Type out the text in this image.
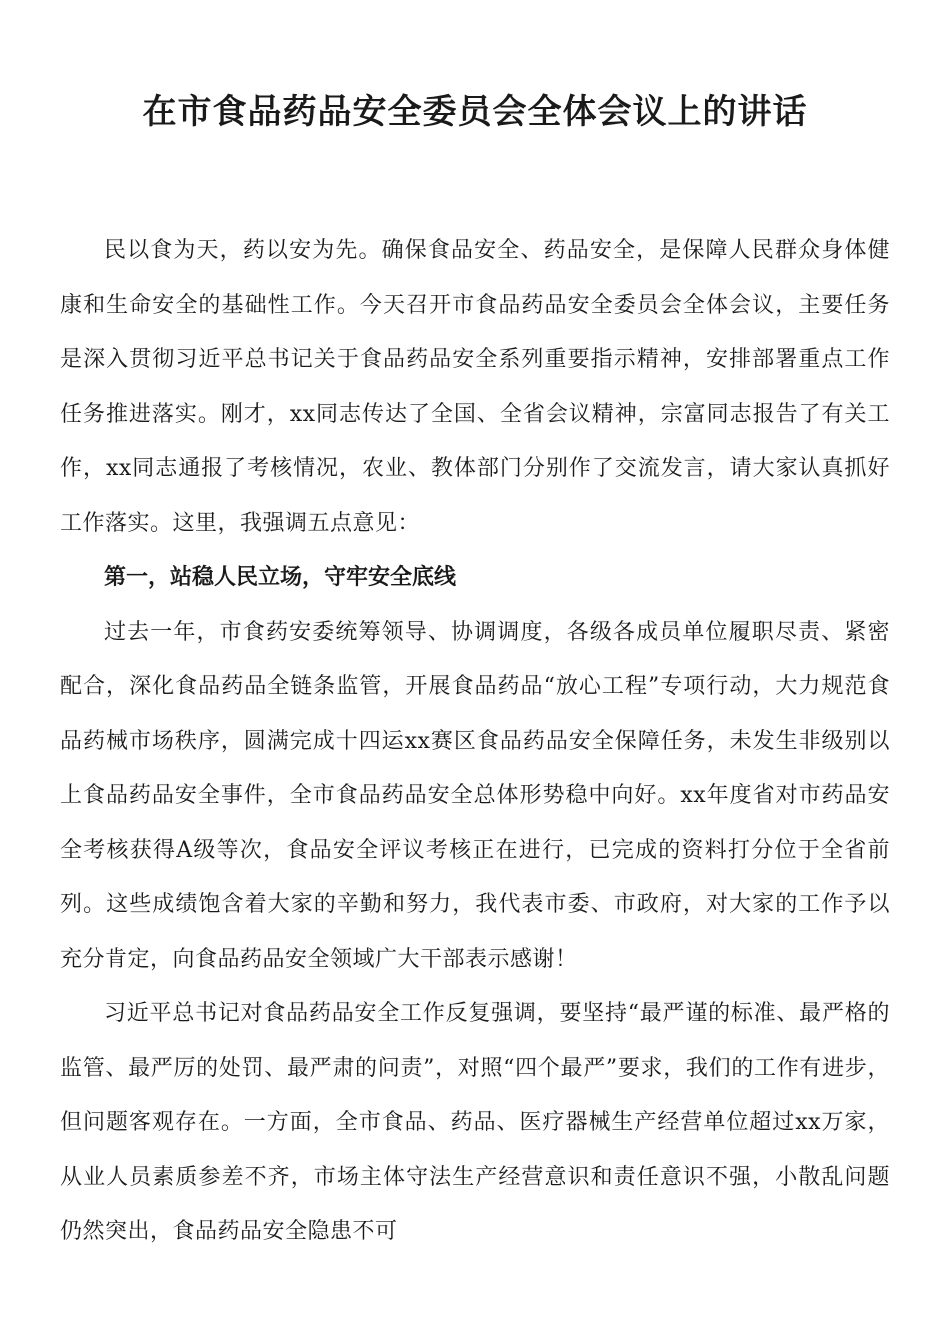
在市食品药品安全委员会全体会议上的讲话

民以食为天，药以安为先。确保食品安全、药品安全，是保障人民群众身体健康和生命安全的基础性工作。今天召开市食品药品安全委员会全体会议，主要任务是深入贯彻习近平总书记关于食品药品安全系列重要指示精神，安排部署重点工作任务推进落实。刚才，xx同志传达了全国、全省会议精神，宗富同志报告了有关工作，xx同志通报了考核情况，农业、教体部门分别作了交流发言，请大家认真抓好工作落实。这里，我强调五点意见：

第一，站稳人民立场，守牢安全底线

过去一年，市食药安委统筹领导、协调调度，各级各成员单位履职尽责、紧密配合，深化食品药品全链条监管，开展食品药品“放心工程”专项行动，大力规范食品药械市场秩序，圆满完成十四运xx赛区食品药品安全保障任务，未发生非级别以上食品药品安全事件，全市食品药品安全总体形势稳中向好。xx年度省对市药品安全考核获得A级等次，食品安全评议考核正在进行，已完成的资料打分位于全省前列。这些成绩饱含着大家的辛勤和努力，我代表市委、市政府，对大家的工作予以充分肯定，向食品药品安全领域广大干部表示感谢！

习近平总书记对食品药品安全工作反复强调，要坚持“最严谨的标准、最严格的监管、最严厉的处罚、最严肃的问责”，对照“四个最严”要求，我们的工作有进步，但问题客观存在。一方面，全市食品、药品、医疗器械生产经营单位超过xx万家，从业人员素质参差不齐，市场主体守法生产经营意识和责任意识不强，小散乱问题仍然突出，食品药品安全隐患不可
